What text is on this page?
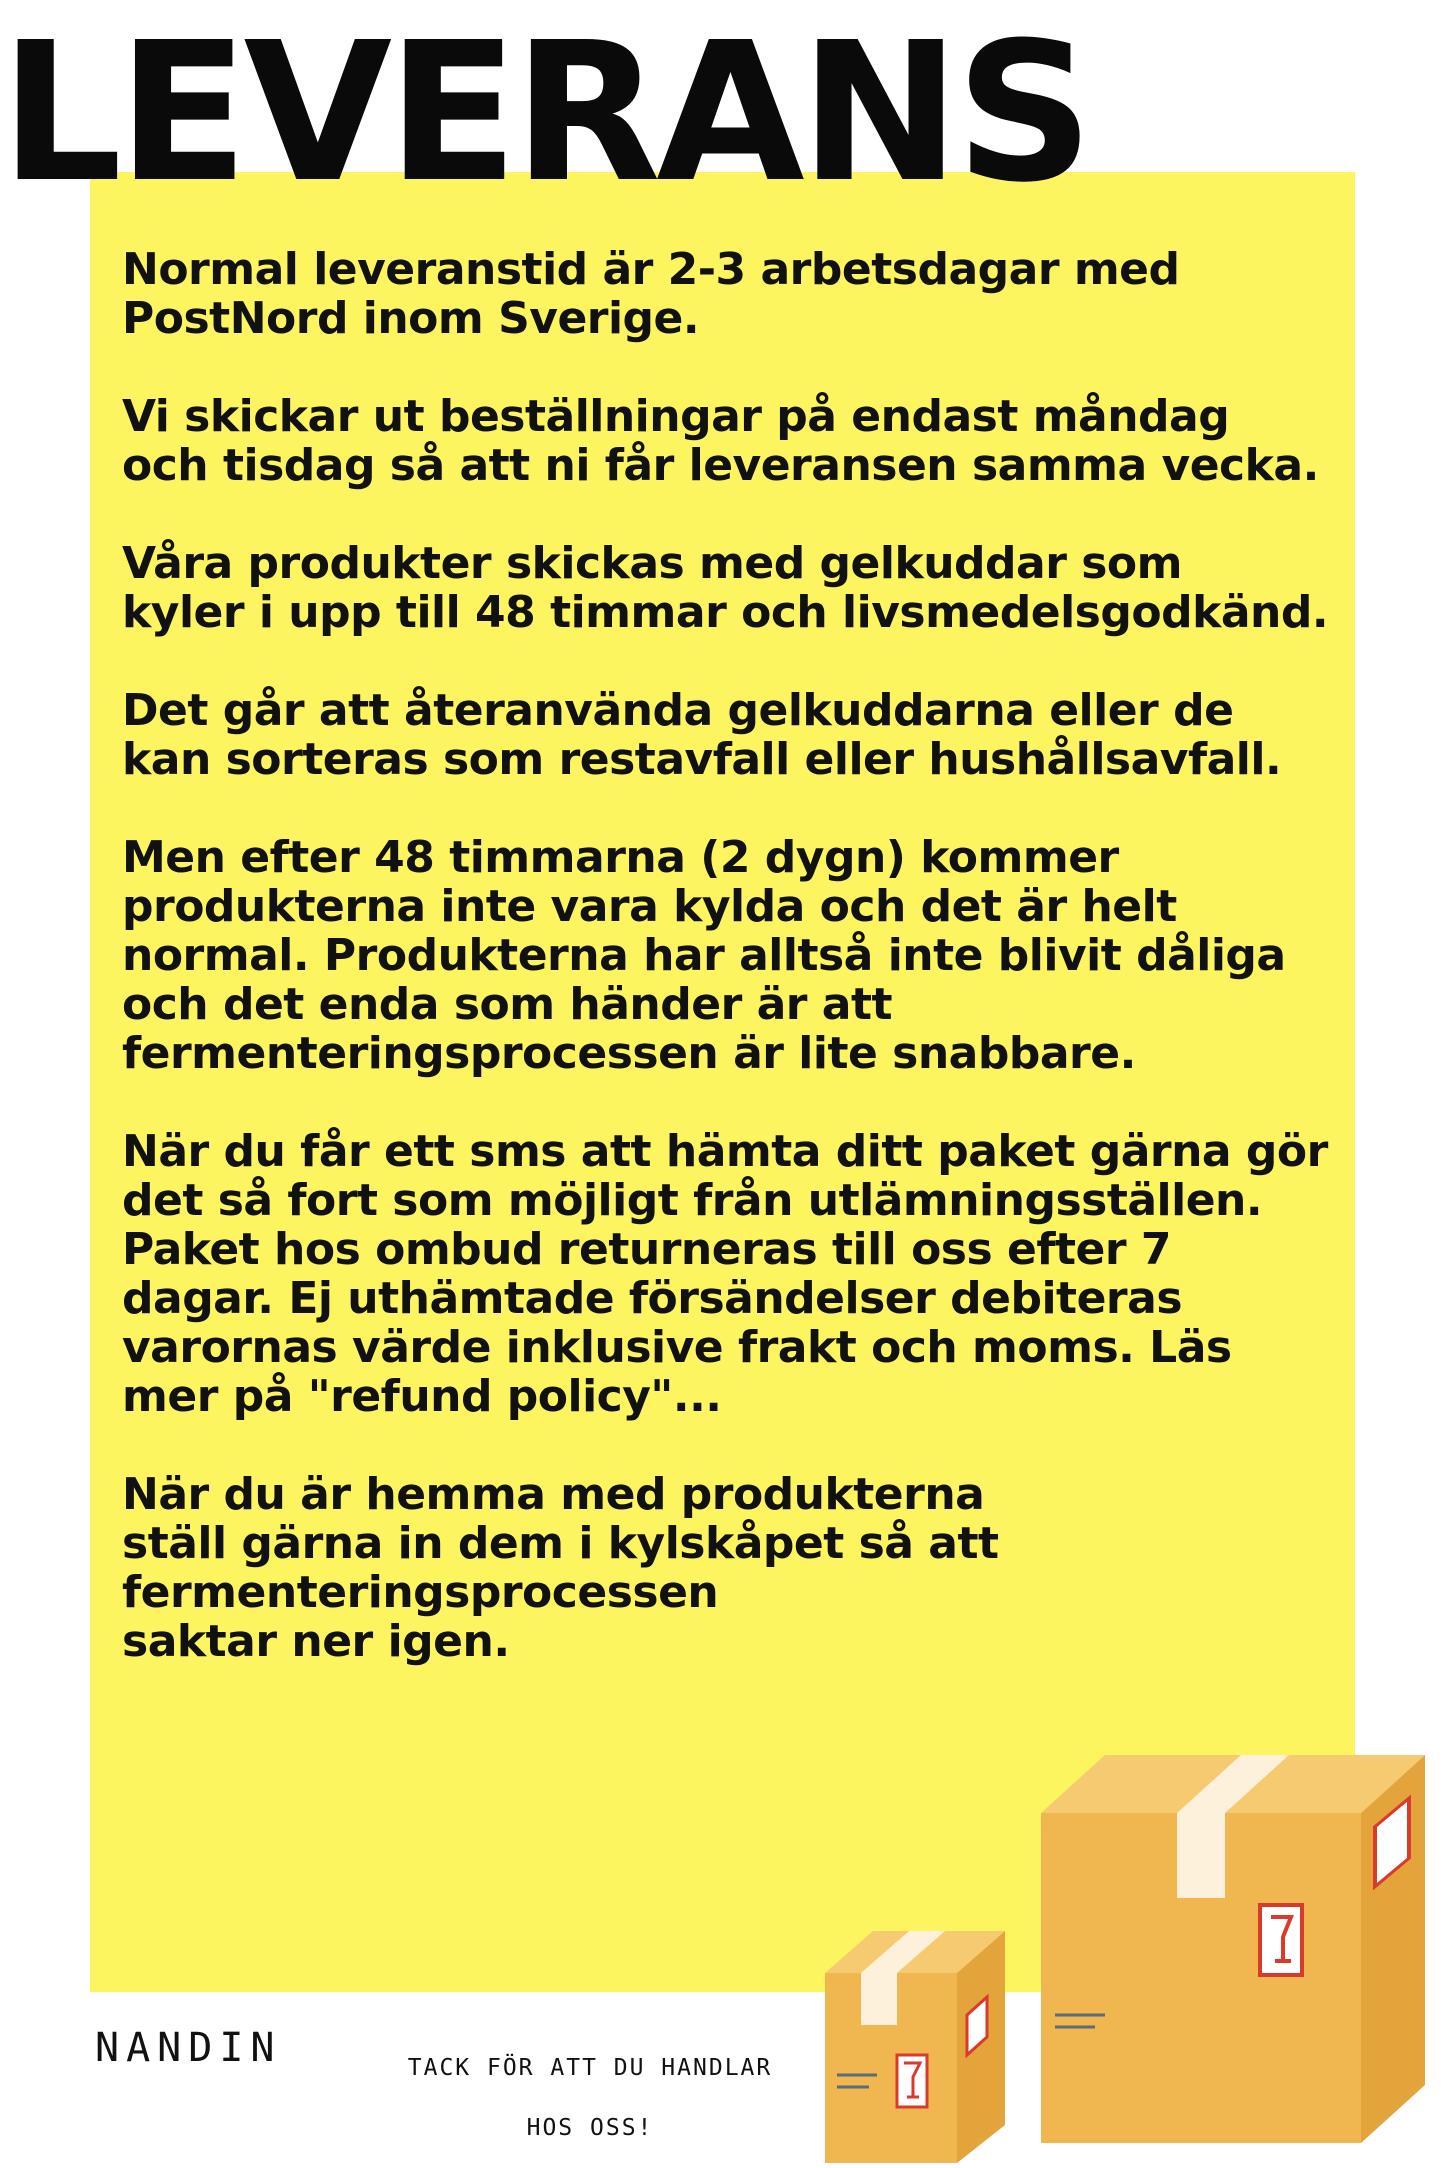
LEVERANS

Normal leveranstid är 2-3 arbetsdagar med
PostNord inom Sverige.

Vi skickar ut beställningar på endast måndag
och tisdag så att ni får leveransen samma vecka.

Våra produkter skickas med gelkuddar som
kyler i upp till 48 timmar och livsmedelsgodkänd.

Det går att återanvända gelkuddarna eller de
kan sorteras som restavfall eller hushållsavfall.

Men efter 48 timmarna (2 dygn) kommer
produkterna inte vara kylda och det är helt
normal. Produkterna har alltså inte blivit dåliga
och det enda som händer är att
fermenteringsprocessen är lite snabbare.

När du får ett sms att hämta ditt paket gärna gör
det så fort som möjligt från utlämningsställen.
Paket hos ombud returneras till oss efter 7
dagar. Ej uthämtade försändelser debiteras
varornas värde inklusive frakt och moms. Läs
mer på "refund policy"...

När du är hemma med produkterna
ställ gärna in dem i kylskåpet så att
fermenteringsprocessen
saktar ner igen.

NANDIN	TACK FÖR ATT DU HANDLAR
HOS OSS!
